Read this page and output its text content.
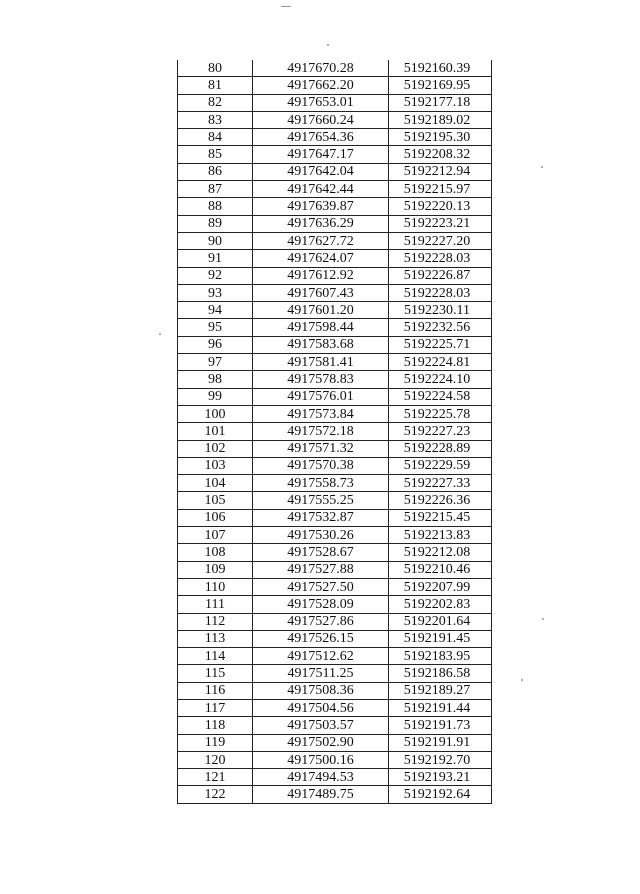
80	4917670.28	5192160.39
81	4917662.20	5192169.95
82	4917653.01	5192177.18
83	4917660.24	5192189.02
84	4917654.36	5192195.30
85	4917647.17	5192208.32
86	4917642.04	5192212.94
87	4917642.44	5192215.97
88	4917639.87	5192220.13
89	4917636.29	5192223.21
90	4917627.72	5192227.20
91	4917624.07	5192228.03
92	4917612.92	5192226.87
93	4917607.43	5192228.03
94	4917601.20	5192230.11
95	4917598.44	5192232.56
96	4917583.68	5192225.71
97	4917581.41	5192224.81
98	4917578.83	5192224.10
99	4917576.01	5192224.58
100	4917573.84	5192225.78
101	4917572.18	5192227.23
102	4917571.32	5192228.89
103	4917570.38	5192229.59
104	4917558.73	5192227.33
105	4917555.25	5192226.36
106	4917532.87	5192215.45
107	4917530.26	5192213.83
108	4917528.67	5192212.08
109	4917527.88	5192210.46
110	4917527.50	5192207.99
111	4917528.09	5192202.83
112	4917527.86	5192201.64
113	4917526.15	5192191.45
114	4917512.62	5192183.95
115	4917511.25	5192186.58
116	4917508.36	5192189.27
117	4917504.56	5192191.44
118	4917503.57	5192191.73
119	4917502.90	5192191.91
120	4917500.16	5192192.70
121	4917494.53	5192193.21
122	4917489.75	5192192.64
